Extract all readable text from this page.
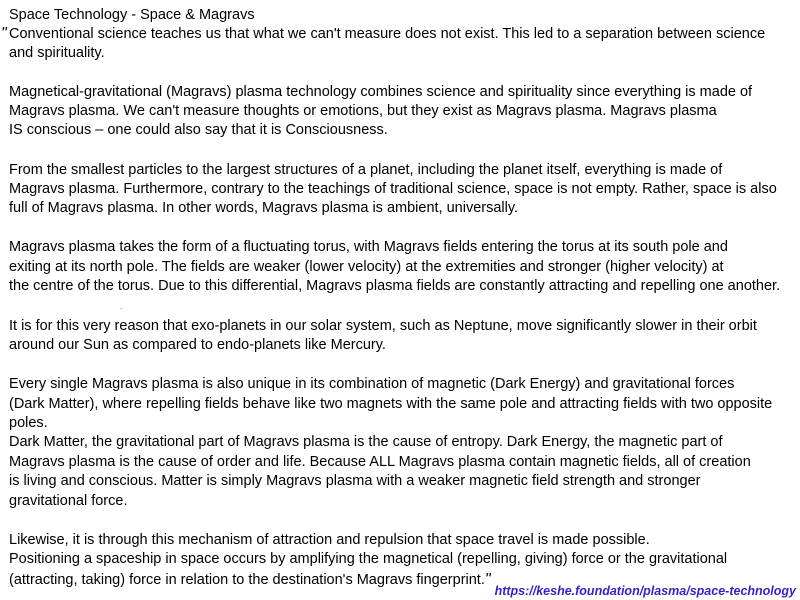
Space Technology - Space & Magravs
" Conventional science teaches us that what we can't measure does not exist. This led to a separation between science
and spirituality.
Magnetical-gravitational (Magravs) plasma technology combines science and spirituality since everything is made of
Magravs plasma. We can't measure thoughts or emotions, but they exist as Magravs plasma. Magravs plasma
IS conscious – one could also say that it is Consciousness.
From the smallest particles to the largest structures of a planet, including the planet itself, everything is made of
Magravs plasma. Furthermore, contrary to the teachings of traditional science, space is not empty. Rather, space is also
full of Magravs plasma. In other words, Magravs plasma is ambient, universally.
Magravs plasma takes the form of a fluctuating torus, with Magravs fields entering the torus at its south pole and
exiting at its north pole. The fields are weaker (lower velocity) at the extremities and stronger (higher velocity) at
the centre of the torus. Due to this differential, Magravs plasma fields are constantly attracting and repelling one another.
.
It is for this very reason that exo-planets in our solar system, such as Neptune, move significantly slower in their orbit
around our Sun as compared to endo-planets like Mercury.
Every single Magravs plasma is also unique in its combination of magnetic (Dark Energy) and gravitational forces
(Dark Matter), where repelling fields behave like two magnets with the same pole and attracting fields with two opposite
poles.
Dark Matter, the gravitational part of Magravs plasma is the cause of entropy. Dark Energy, the magnetic part of
Magravs plasma is the cause of order and life. Because ALL Magravs plasma contain magnetic fields, all of creation
is living and conscious. Matter is simply Magravs plasma with a weaker magnetic field strength and stronger
gravitational force.
Likewise, it is through this mechanism of attraction and repulsion that space travel is made possible.
Positioning a spaceship in space occurs by amplifying the magnetical (repelling, giving) force or the gravitational
(attracting, taking) force in relation to the destination's Magravs fingerprint."
https://keshe.foundation/plasma/space-technology
